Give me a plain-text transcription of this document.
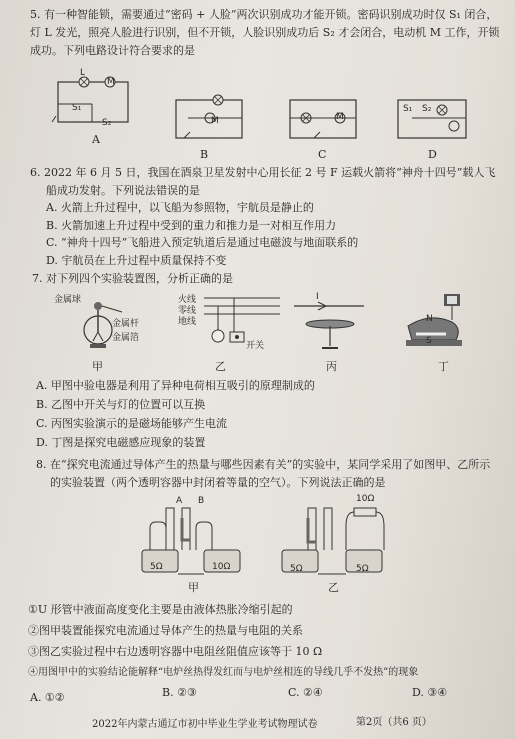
5. 有一种智能锁，需要通过“密码 + 人脸”两次识别成功才能开锁。密码识别成功时仅 S₁ 闭合，
灯 L 发光，照亮人脸进行识别，但不开锁，人脸识别成功后 S₂ 才会闭合，电动机 M 工作，开锁
成功。下列电路设计符合要求的是
L
M
S₁
S₂
A
M
B
M
C
S₁ S₂
D
6. 2022 年 6 月 5 日，我国在酒泉卫星发射中心用长征 2 号 F 运载火箭将“神舟十四号”载人飞
船成功发射。下列说法错误的是
A. 火箭上升过程中，以飞船为参照物，宇航员是静止的
B. 火箭加速上升过程中受到的重力和推力是一对相互作用力
C. “神舟十四号”飞船进入预定轨道后是通过电磁波与地面联系的
D. 宇航员在上升过程中质量保持不变
7. 对下列四个实验装置图，分析正确的是
金属球
金属杆
金属箔
甲
火线
零线
地线
开关
乙
I
丙
N
S
丁
A. 甲图中验电器是利用了异种电荷相互吸引的原理制成的
B. 乙图中开关与灯的位置可以互换
C. 丙图实验演示的是磁场能够产生电流
D. 丁图是探究电磁感应现象的装置
8. 在“探究电流通过导体产生的热量与哪些因素有关”的实验中，某同学采用了如图甲、乙所示
的实验装置（两个透明容器中封闭着等量的空气）。下列说法正确的是
A B
5Ω	10Ω
甲
5Ω	5Ω
10Ω
乙
①U 形管中液面高度变化主要是由液体热胀冷缩引起的
②图甲装置能探究电流通过导体产生的热量与电阻的关系
③图乙实验过程中右边透明容器中电阻丝阻值应该等于 10 Ω
④用图甲中的实验结论能解释“电炉丝热得发红而与电炉丝相连的导线几乎不发热”的现象
A. ①②	B. ②③	C. ②④	D. ③④
2022年内蒙古通辽市初中毕业生学业考试物理试卷	第2页（共6 页）
